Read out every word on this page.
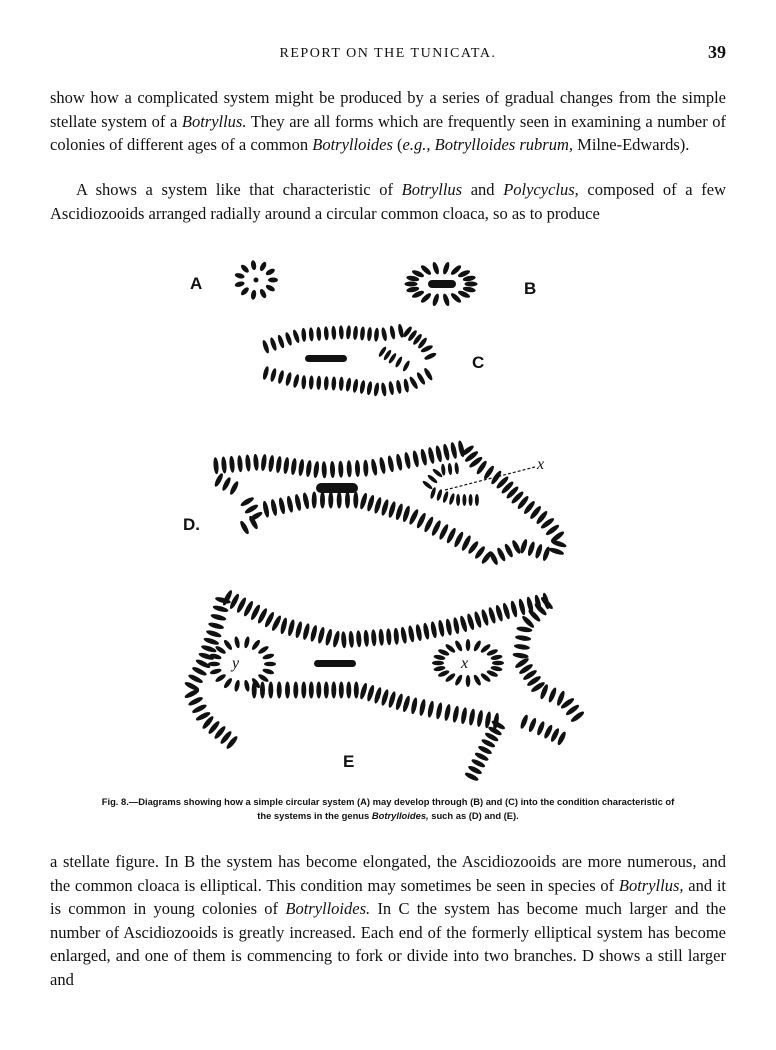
REPORT ON THE TUNICATA.	39

show how a complicated system might be produced by a series of gradual changes from the simple stellate system of a Botryllus. They are all forms which are frequently seen in examining a number of colonies of different ages of a common Botrylloides (e.g., Botrylloides rubrum, Milne-Edwards).

A shows a system like that characteristic of Botryllus and Polycyclus, composed of a few Ascidiozooids arranged radially around a circular common cloaca, so as to produce

A	B
C
D.
E
x
x
y
Fig. 8.—Diagrams showing how a simple circular system (A) may develop through (B) and (C) into the condition characteristic of the systems in the genus Botrylloides, such as (D) and (E).

a stellate figure. In B the system has become elongated, the Ascidiozooids are more numerous, and the common cloaca is elliptical. This condition may sometimes be seen in species of Botryllus, and it is common in young colonies of Botrylloides. In C the system has become much larger and the number of Ascidiozooids is greatly increased. Each end of the formerly elliptical system has become enlarged, and one of them is commencing to fork or divide into two branches. D shows a still larger and
